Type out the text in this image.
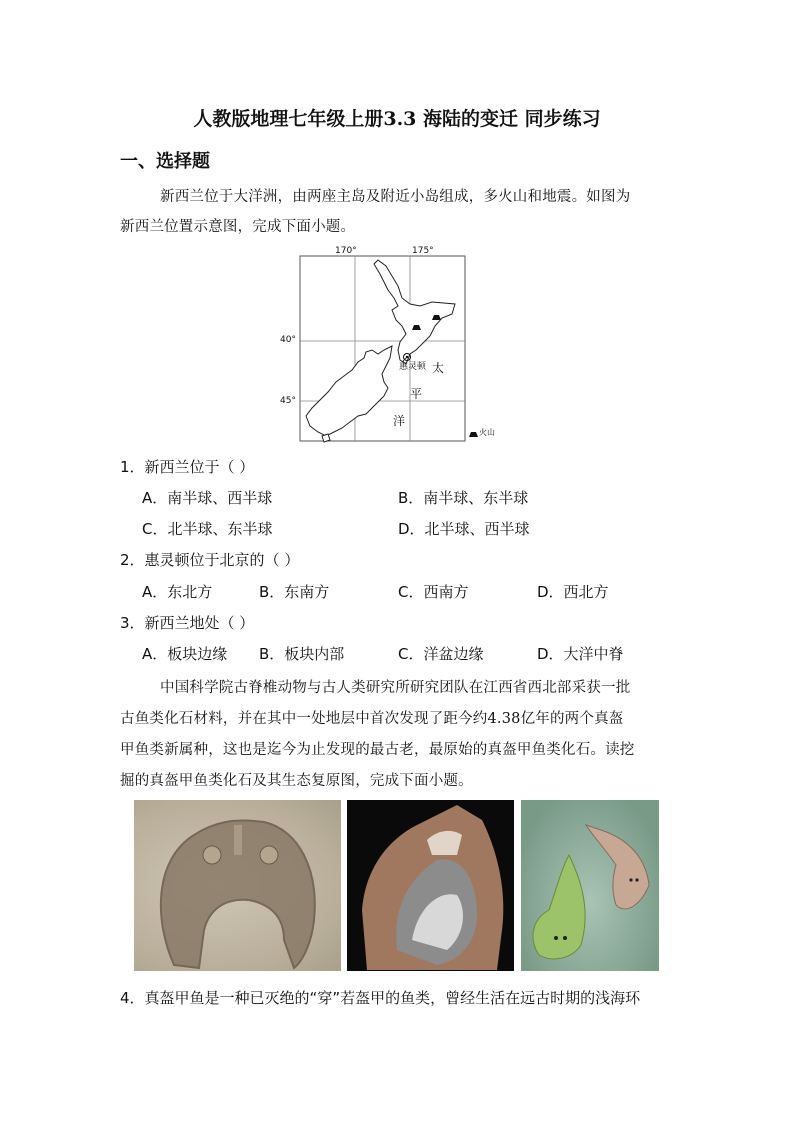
人教版地理七年级上册3.3 海陆的变迁 同步练习
一、选择题
新西兰位于大洋洲，由两座主岛及附近小岛组成，多火山和地震。如图为
新西兰位置示意图，完成下面小题。
170°	175°
40°
45°
惠灵顿 太
平
洋
火山
1．新西兰位于（ ）
A．南半球、西半球	B．南半球、东半球
C．北半球、东半球	D．北半球、西半球
2．惠灵顿位于北京的（ ）
A．东北方	B．东南方	C．西南方	D．西北方
3．新西兰地处（ ）
A．板块边缘 B．板块内部	C．洋盆边缘	D．大洋中脊
中国科学院古脊椎动物与古人类研究所研究团队在江西省西北部采获一批
古鱼类化石材料，并在其中一处地层中首次发现了距今约4.38亿年的两个真盔
甲鱼类新属种，这也是迄今为止发现的最古老，最原始的真盔甲鱼类化石。读挖
掘的真盔甲鱼类化石及其生态复原图，完成下面小题。
4．真盔甲鱼是一种已灭绝的“穿”若盔甲的鱼类，曾经生活在远古时期的浅海环
